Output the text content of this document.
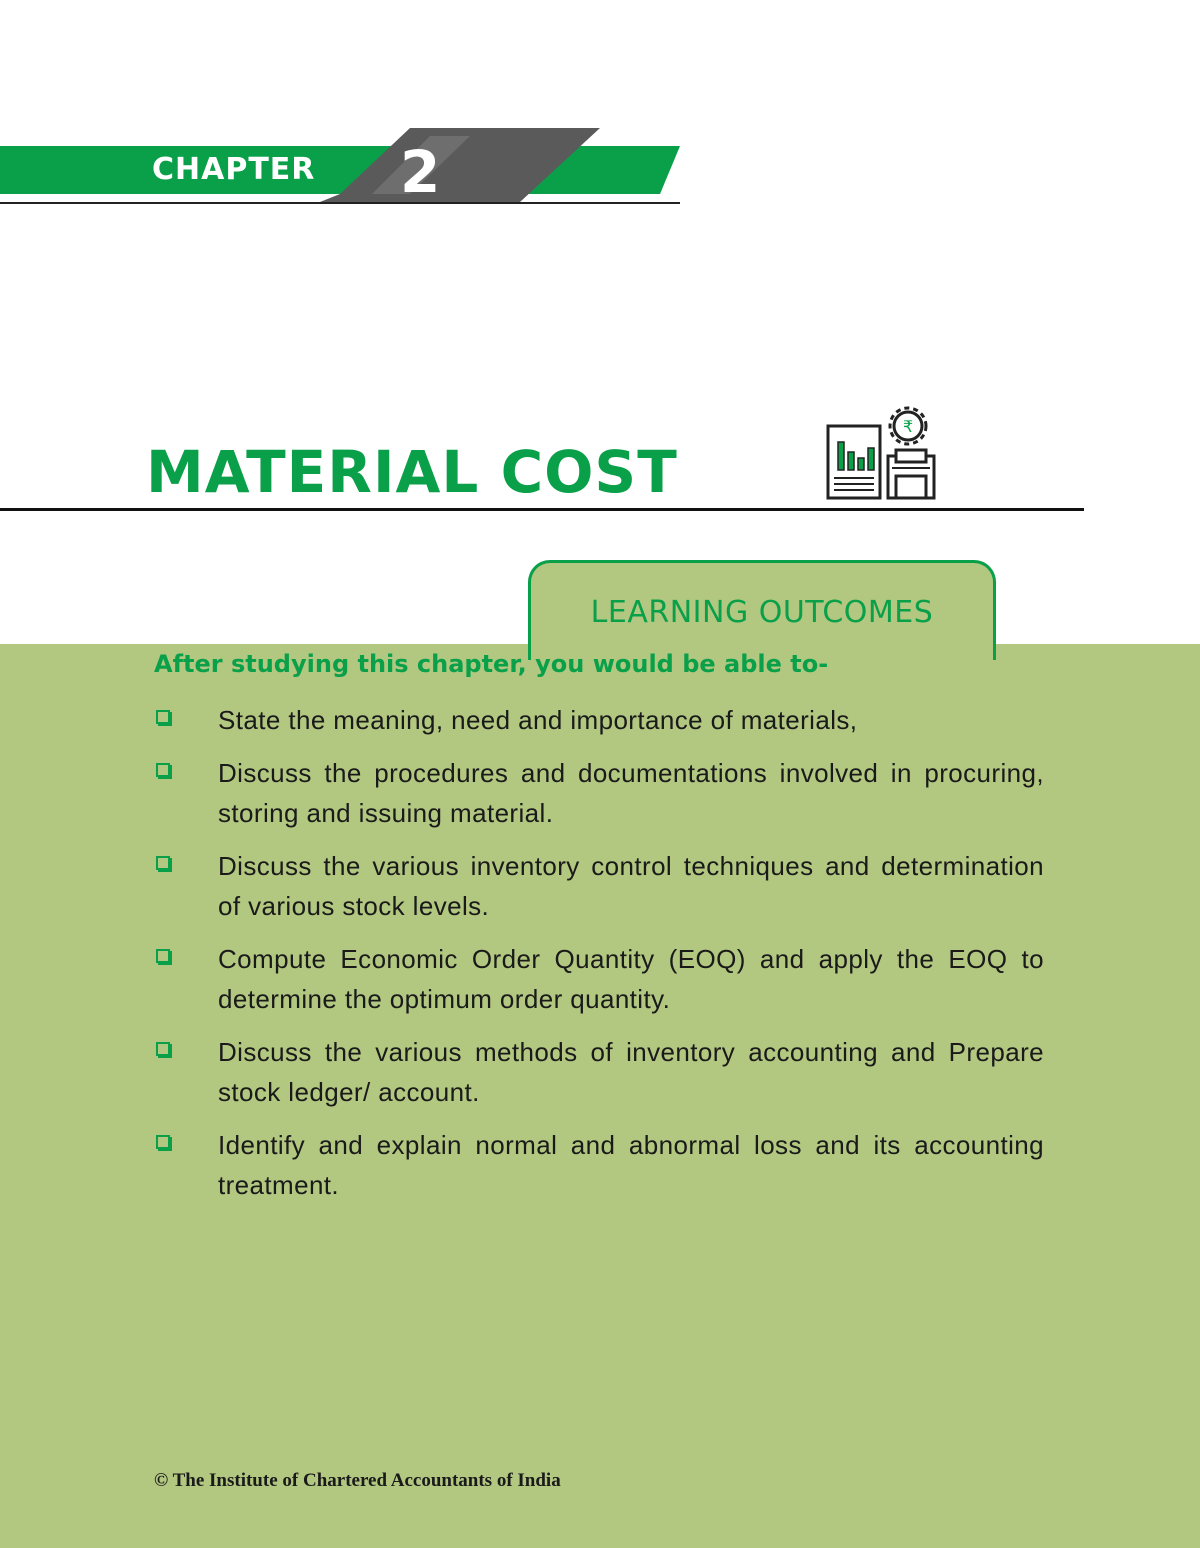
CHAPTER 2
MATERIAL COST
₹
LEARNING OUTCOMES
After studying this chapter, you would be able to-
State the meaning, need and importance of materials,
Discuss the procedures and documentations involved in procuring, storing and issuing material.
Discuss the various inventory control techniques and determination of various stock levels.
Compute Economic Order Quantity (EOQ) and apply the EOQ to determine the optimum order quantity.
Discuss the various methods of inventory accounting and Prepare stock ledger/ account.
Identify and explain normal and abnormal loss and its accounting treatment.
© The Institute of Chartered Accountants of India
